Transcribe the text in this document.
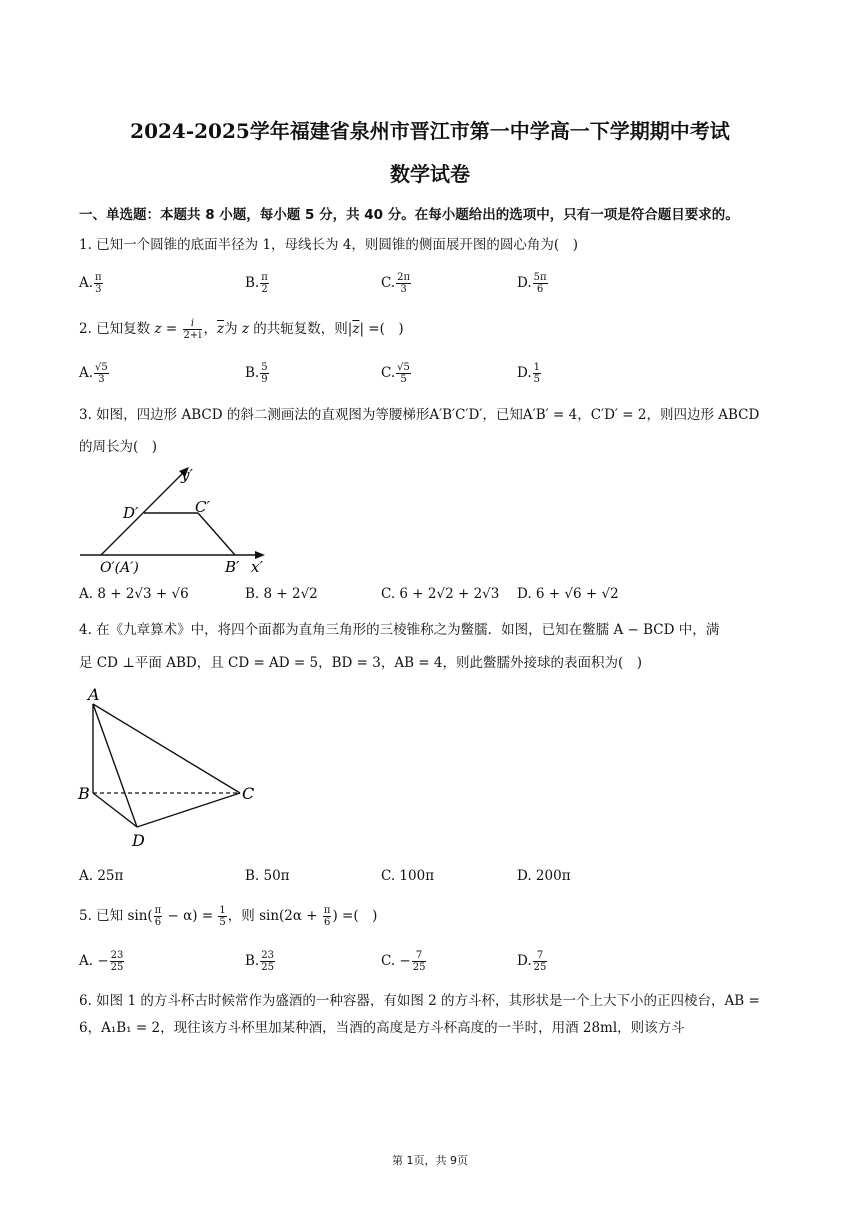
2024-2025学年福建省泉州市晋江市第一中学高一下学期期中考试
数学试卷
一、单选题：本题共 8 小题，每小题 5 分，共 40 分。在每小题给出的选项中，只有一项是符合题目要求的。
1. 已知一个圆锥的底面半径为 1，母线长为 4，则圆锥的侧面展开图的圆心角为(　)
A. $\frac{\pi}{3}$	B. $\frac{\pi}{2}$	C. $\frac{2\pi}{3}$	D. $\frac{5\pi}{6}$
2. 已知复数 $z = \frac{i}{2+i}$ ，$\overline{z}$为 z 的共轭复数，则$|\overline{z}|$ =(　)
A. $\frac{√5}{3}$	B. $\frac{5}{9}$	C. $\frac{√5}{5}$	D. $\frac{1}{5}$
3. 如图，四边形 ABCD 的斜二测画法的直观图为等腰梯形A′B′C′D′，已知A′B′ = 4，C′D′ = 2，则四边形 ABCD
的周长为(　)
y′
D′	C′
O′(A′)	B′ x′
A. 8 + 2√3 + √6	B. 8 + 2√2	C. 6 + 2√2 + 2√3 D. 6 + √6 + √2
4. 在《九章算术》中，将四个面都为直角三角形的三棱锥称之为鳖臑．如图，已知在鳖臑 A − BCD 中，满
足 CD ⊥平面 ABD，且 CD = AD = 5，BD = 3，AB = 4，则此鳖臑外接球的表面积为(　)
A
B	C
D
A. 25π	B. 50π	C. 100π	D. 200π
5. 已知 $\sin( \frac{\pi}{6} - \alpha) = \frac{1}{5}$ ，则 $\sin(2\alpha + \frac{\pi}{6}$ ) =(　)
A. − $\frac{23}{25}$	B. $\frac{23}{25}$	C. − $\frac{7}{25}$	D. $\frac{7}{25}$
6. 如图 1 的方斗杯古时候常作为盛酒的一种容器，有如图 2 的方斗杯，其形状是一个上大下小的正四棱台，AB = 6，A₁B₁ = 2，现往该方斗杯里加某种酒，当酒的高度是方斗杯高度的一半时，用酒 28ml，则该方斗
第 1页，共 9页
